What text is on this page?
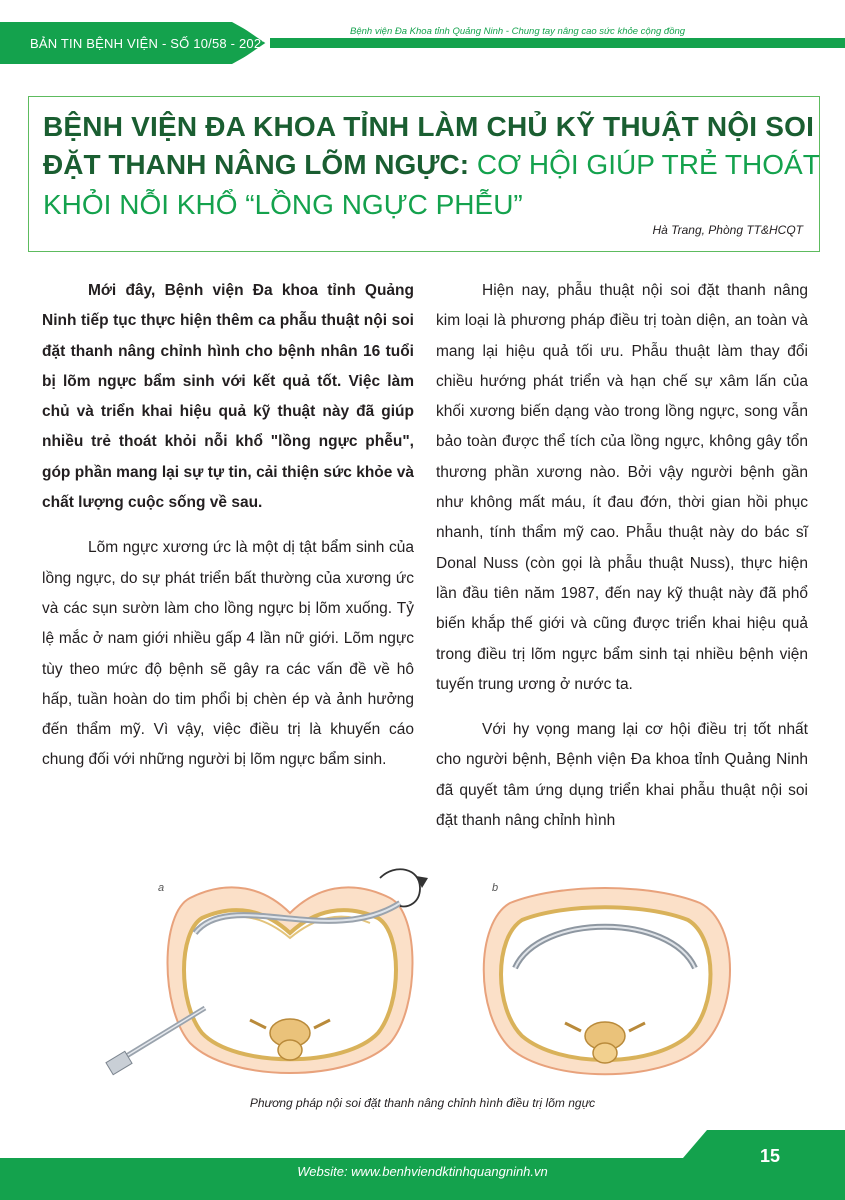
BẢN TIN BỆNH VIỆN - SỐ 10/58 - 2022
Bệnh viện Đa Khoa tỉnh Quảng Ninh - Chung tay nâng cao sức khỏe cộng đồng
BỆNH VIỆN ĐA KHOA TỈNH LÀM CHỦ KỸ THUẬT NỘI SOI
ĐẶT THANH NÂNG LÕM NGỰC: CƠ HỘI GIÚP TRẺ THOÁT
KHỎI NỖI KHỔ “LỒNG NGỰC PHỄU”
Hà Trang, Phòng TT&HCQT

Mới đây, Bệnh viện Đa khoa tỉnh Quảng Ninh tiếp tục thực hiện thêm ca phẫu thuật nội soi đặt thanh nâng chỉnh hình cho bệnh nhân 16 tuổi bị lõm ngực bẩm sinh với kết quả tốt. Việc làm chủ và triển khai hiệu quả kỹ thuật này đã giúp nhiều trẻ thoát khỏi nỗi khổ "lồng ngực phễu", góp phần mang lại sự tự tin, cải thiện sức khỏe và chất lượng cuộc sống về sau.

Lõm ngực xương ức là một dị tật bẩm sinh của lồng ngực, do sự phát triển bất thường của xương ức và các sụn sườn làm cho lồng ngực bị lõm xuống. Tỷ lệ mắc ở nam giới nhiều gấp 4 lần nữ giới. Lõm ngực tùy theo mức độ bệnh sẽ gây ra các vấn đề về hô hấp, tuần hoàn do tim phổi bị chèn ép và ảnh hưởng đến thẩm mỹ. Vì vậy, việc điều trị là khuyến cáo chung đối với những người bị lõm ngực bẩm sinh.

Hiện nay, phẫu thuật nội soi đặt thanh nâng kim loại là phương pháp điều trị toàn diện, an toàn và mang lại hiệu quả tối ưu. Phẫu thuật làm thay đổi chiều hướng phát triển và hạn chế sự xâm lấn của khối xương biến dạng vào trong lồng ngực, song vẫn bảo toàn được thể tích của lồng ngực, không gây tổn thương phần xương nào. Bởi vậy người bệnh gần như không mất máu, ít đau đớn, thời gian hồi phục nhanh, tính thẩm mỹ cao. Phẫu thuật này do bác sĩ Donal Nuss (còn gọi là phẫu thuật Nuss), thực hiện lần đầu tiên năm 1987, đến nay kỹ thuật này đã phổ biến khắp thế giới và cũng được triển khai hiệu quả trong điều trị lõm ngực bẩm sinh tại nhiều bệnh viện tuyến trung ương ở nước ta.

Với hy vọng mang lại cơ hội điều trị tốt nhất cho người bệnh, Bệnh viện Đa khoa tỉnh Quảng Ninh đã quyết tâm ứng dụng triển khai phẫu thuật nội soi đặt thanh nâng chỉnh hình

a	b
Phương pháp nội soi đặt thanh nâng chỉnh hình điều trị lõm ngực
Website: www.benhviendktinhquangninh.vn
15
